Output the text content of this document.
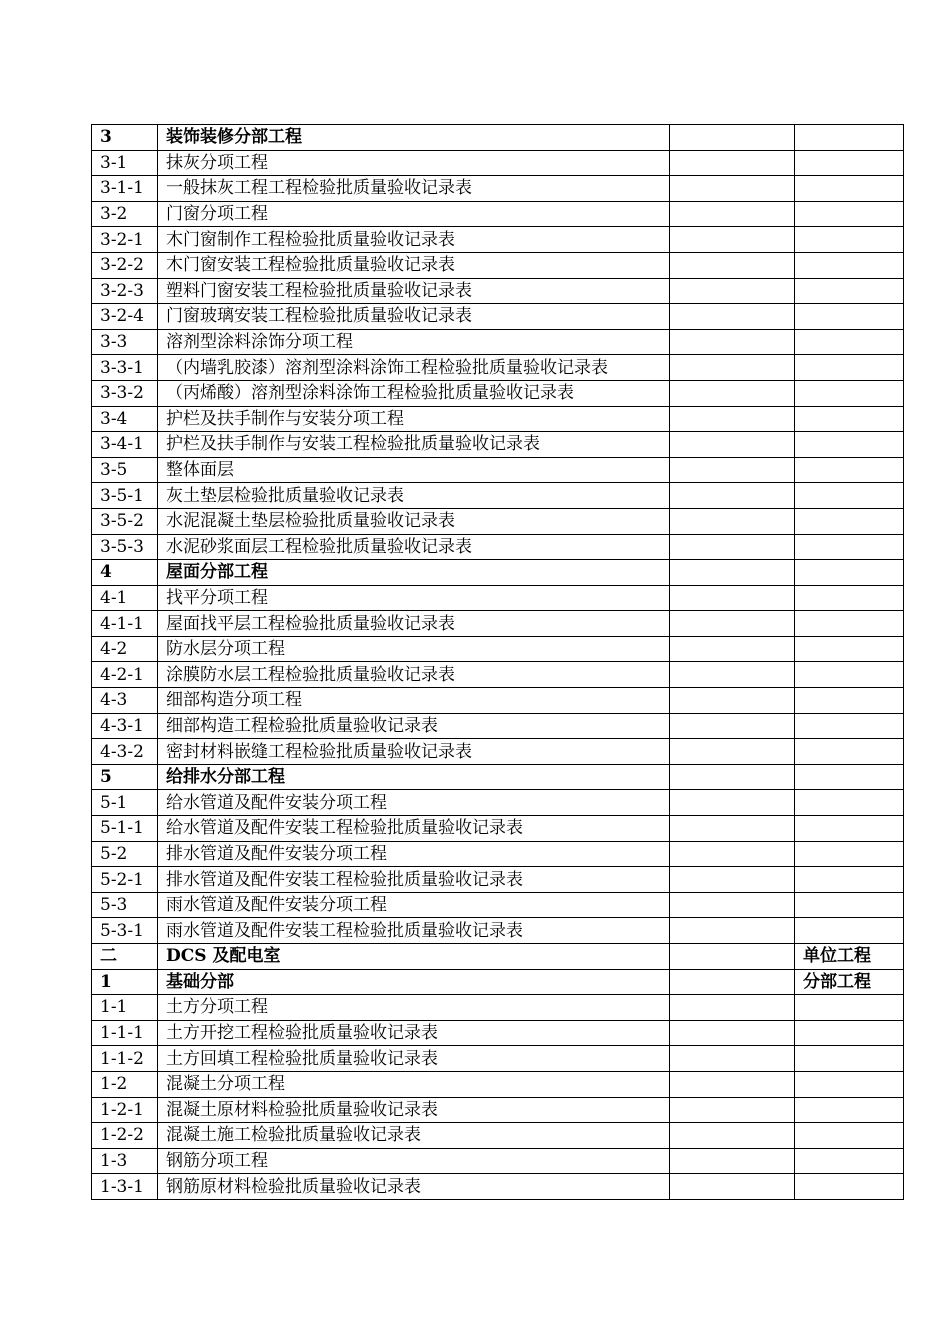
3	装饰装修分部工程		
3-1	抹灰分项工程		
3-1-1	一般抹灰工程工程检验批质量验收记录表		
3-2	门窗分项工程		
3-2-1	木门窗制作工程检验批质量验收记录表		
3-2-2	木门窗安装工程检验批质量验收记录表		
3-2-3	塑料门窗安装工程检验批质量验收记录表		
3-2-4	门窗玻璃安装工程检验批质量验收记录表		
3-3	溶剂型涂料涂饰分项工程		
3-3-1	（内墙乳胶漆）溶剂型涂料涂饰工程检验批质量验收记录表		
3-3-2	（丙烯酸）溶剂型涂料涂饰工程检验批质量验收记录表		
3-4	护栏及扶手制作与安装分项工程		
3-4-1	护栏及扶手制作与安装工程检验批质量验收记录表		
3-5	整体面层		
3-5-1	灰土垫层检验批质量验收记录表		
3-5-2	水泥混凝土垫层检验批质量验收记录表		
3-5-3	水泥砂浆面层工程检验批质量验收记录表		
4	屋面分部工程		
4-1	找平分项工程		
4-1-1	屋面找平层工程检验批质量验收记录表		
4-2	防水层分项工程		
4-2-1	涂膜防水层工程检验批质量验收记录表		
4-3	细部构造分项工程		
4-3-1	细部构造工程检验批质量验收记录表		
4-3-2	密封材料嵌缝工程检验批质量验收记录表		
5	给排水分部工程		
5-1	给水管道及配件安装分项工程		
5-1-1	给水管道及配件安装工程检验批质量验收记录表		
5-2	排水管道及配件安装分项工程		
5-2-1	排水管道及配件安装工程检验批质量验收记录表		
5-3	雨水管道及配件安装分项工程		
5-3-1	雨水管道及配件安装工程检验批质量验收记录表		
二	DCS 及配电室		单位工程
1	基础分部		分部工程
1-1	土方分项工程		
1-1-1	土方开挖工程检验批质量验收记录表		
1-1-2	土方回填工程检验批质量验收记录表		
1-2	混凝土分项工程		
1-2-1	混凝土原材料检验批质量验收记录表		
1-2-2	混凝土施工检验批质量验收记录表		
1-3	钢筋分项工程		
1-3-1	钢筋原材料检验批质量验收记录表		
